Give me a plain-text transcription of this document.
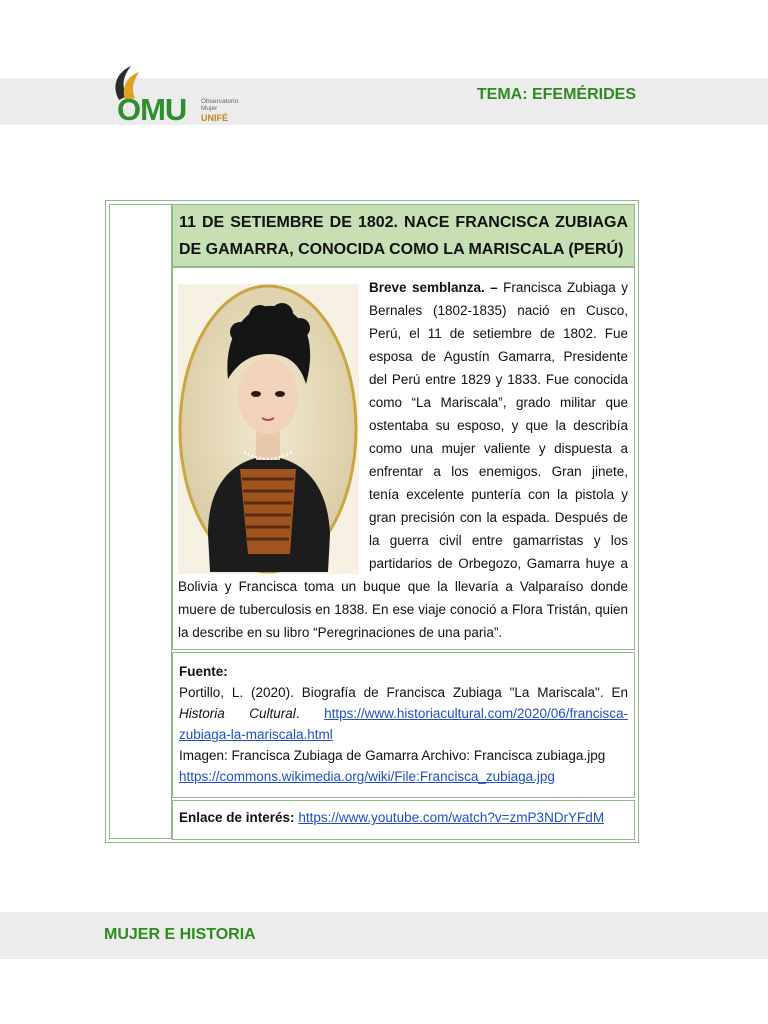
OMU Observatorio
Mujer
UNIFÉ
TEMA: EFEMÉRIDES
11 DE SETIEMBRE DE 1802. NACE FRANCISCA ZUBIAGA DE GAMARRA, CONOCIDA COMO LA MARISCALA (PERÚ)
Breve semblanza. – Francisca Zubiaga y Bernales (1802-1835) nació en Cusco, Perú, el 11 de setiembre de 1802. Fue esposa de Agustín Gamarra, Presidente del Perú entre 1829 y 1833. Fue conocida como “La Mariscala”, grado militar que ostentaba su esposo, y que la describía como una mujer valiente y dispuesta a enfrentar a los enemigos. Gran jinete, tenía excelente puntería con la pistola y gran precisión con la espada. Después de la guerra civil entre gamarristas y los partidarios de Orbegozo, Gamarra huye a Bolivia y Francisca toma un buque que la llevaría a Valparaíso donde muere de tuberculosis en 1838. En ese viaje conoció a Flora Tristán, quien la describe en su libro “Peregrinaciones de una paria”.
Fuente:
Portillo, L. (2020). Biografía de Francisca Zubiaga "La Mariscala". En Historia Cultural. https://www.historiacultural.com/2020/06/francisca-zubiaga-la-mariscala.html
Imagen: Francisca Zubiaga de Gamarra Archivo: Francisca zubiaga.jpg
https://commons.wikimedia.org/wiki/File:Francisca_zubiaga.jpg
Enlace de interés: https://www.youtube.com/watch?v=zmP3NDrYFdM
MUJER E HISTORIA
